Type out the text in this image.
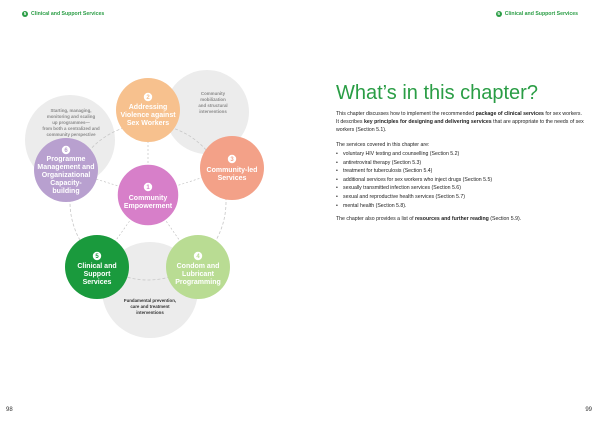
5 Clinical and Support Services
2
Addressing
Violence against
Sex Workers
3
Community-led
Services
4
Condom and
Lubricant
Programming
5
Clinical and
Support
Services
6
Programme
Management and
Organizational
Capacity-
building	1
Community
Empowerment
Community
mobilization
and structural
interventions
Starting, managing,
monitoring and scaling
up programmes—
from both a centralized and
community perspective
Fundamental prevention,
care and treatment
interventions
98
5 Clinical and Support Services
What’s in this chapter?

This chapter discusses how to implement the recommended package of clinical services for sex workers. It describes key principles for designing and delivering services that are appropriate to the needs of sex workers (Section 5.1).

The services covered in this chapter are:

• voluntary HIV testing and counselling (Section 5.2)
• antiretroviral therapy (Section 5.3)
• treatment for tuberculosis (Section 5.4)
• additional services for sex workers who inject drugs (Section 5.5)
• sexually transmitted infection services (Section 5.6)
• sexual and reproductive health services (Section 5.7)
• mental health (Section 5.8).

The chapter also provides a list of resources and further reading (Section 5.9).

99
